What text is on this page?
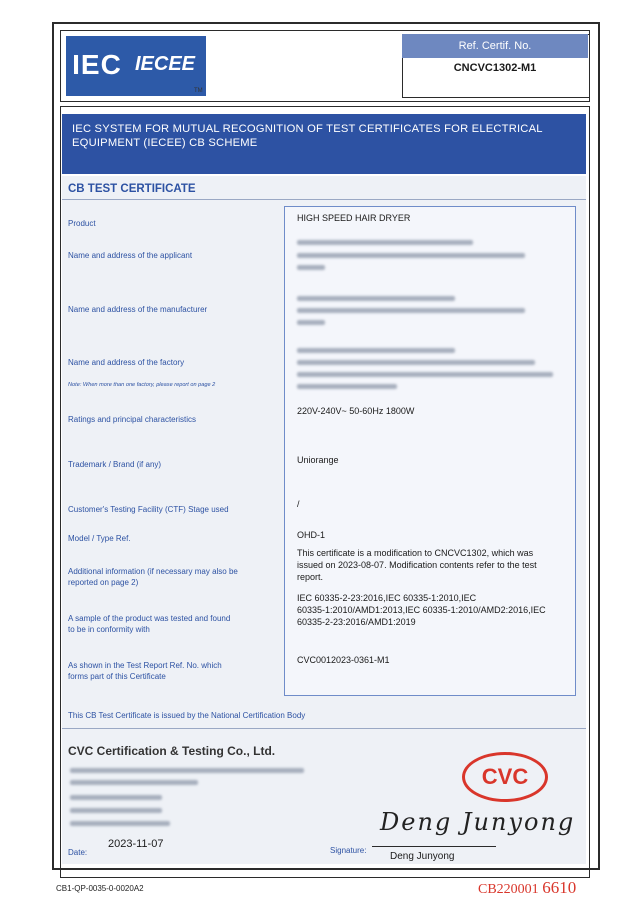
IEC IECEE
TM
Ref. Certif. No.
CNCVC1302-M1
IEC SYSTEM FOR MUTUAL RECOGNITION OF TEST CERTIFICATES FOR ELECTRICAL EQUIPMENT (IECEE) CB SCHEME
CB TEST CERTIFICATE
Product
Name and address of the applicant
Name and address of the manufacturer
Name and address of the factory
Note: When more than one factory, please report on page 2
Ratings and principal characteristics
Trademark / Brand (if any)
Customer's Testing Facility (CTF) Stage used
Model / Type Ref.
Additional information (if necessary may also be
reported on page 2)
A sample of the product was tested and found
to be in conformity with
As shown in the Test Report Ref. No. which
forms part of this Certificate
HIGH SPEED HAIR DRYER
220V-240V~ 50-60Hz 1800W
Uniorange
/
OHD-1
This certificate is a modification to CNCVC1302, which was
issued on 2023-08-07. Modification contents refer to the test
report.
IEC 60335-2-23:2016,IEC 60335-1:2010,IEC
60335-1:2010/AMD1:2013,IEC 60335-1:2010/AMD2:2016,IEC
60335-2-23:2016/AMD1:2019
CVC0012023-0361-M1
This CB Test Certificate is issued by the National Certification Body
CVC Certification & Testing Co., Ltd.
CVC
Date:
2023-11-07
Signature:
Deng Junyong
Deng Junyong
CB1-QP-0035-0-0020A2	CB220001 6610
